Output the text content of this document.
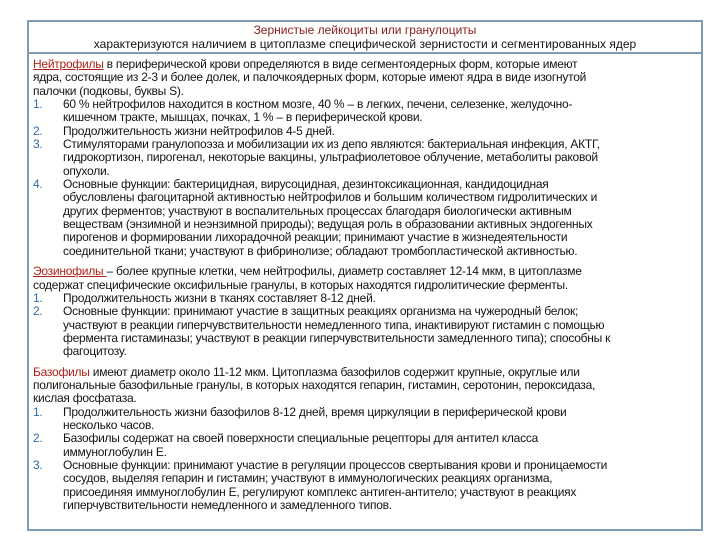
Зернистые лейкоциты или гранулоциты
характеризуются наличием в цитоплазме специфической зернистости и сегментированных ядер
Нейтрофилы в периферической крови определяются в виде сегментоядерных форм, которые имеют
ядра, состоящие из 2-3 и более долек, и палочкоядерных форм, которые имеют ядра в виде изогнутой
палочки (подковы, буквы S).
1. 60 % нейтрофилов находится в костном мозге, 40 % – в легких, печени, селезенке, желудочно-
кишечном тракте, мышцах, почках, 1 % – в периферической крови.
2. Продолжительность жизни нейтрофилов 4-5 дней.
3. Стимуляторами гранулопоэза и мобилизации их из депо являются: бактериальная инфекция, АКТГ,
гидрокортизон, пирогенал, некоторые вакцины, ультрафиолетовое облучение, метаболиты раковой
опухоли.
4. Основные функции: бактерицидная, вирусоцидная, дезинтоксикационная, кандидоцидная
обусловлены фагоцитарной активностью нейтрофилов и большим количеством гидролитических и
других ферментов; участвуют в воспалительных процессах благодаря биологически активным
веществам (энзимной и неэнзимной природы); ведущая роль в образовании активных эндогенных
пирогенов и формировании лихорадочной реакции; принимают участие в жизнедеятельности
соединительной ткани; участвуют в фибринолизе; обладают тромбопластической активностью.
Эозинофилы – более крупные клетки, чем нейтрофилы, диаметр составляет 12-14 мкм, в цитоплазме
содержат специфические оксифильные гранулы, в которых находятся гидролитические ферменты.
1. Продолжительность жизни в тканях составляет 8-12 дней.
2. Основные функции: принимают участие в защитных реакциях организма на чужеродный белок;
участвуют в реакции гиперчувствительности немедленного типа, инактивируют гистамин с помощью
фермента гистаминазы; участвуют в реакции гиперчувствительности замедленного типа); способны к
фагоцитозу.
Базофилы имеют диаметр около 11-12 мкм. Цитоплазма базофилов содержит крупные, округлые или
полигональные базофильные гранулы, в которых находятся гепарин, гистамин, серотонин, пероксидаза,
кислая фосфатаза.
1. Продолжительность жизни базофилов 8-12 дней, время циркуляции в периферической крови
несколько часов.
2. Базофилы содержат на своей поверхности специальные рецепторы для антител класса
иммуноглобулин Е.
3. Основные функции: принимают участие в регуляции процессов свертывания крови и проницаемости
сосудов, выделяя гепарин и гистамин; участвуют в иммунологических реакциях организма,
присоединяя иммуноглобулин Е, регулируют комплекс антиген-антитело; участвуют в реакциях
гиперчувствительности немедленного и замедленного типов.
